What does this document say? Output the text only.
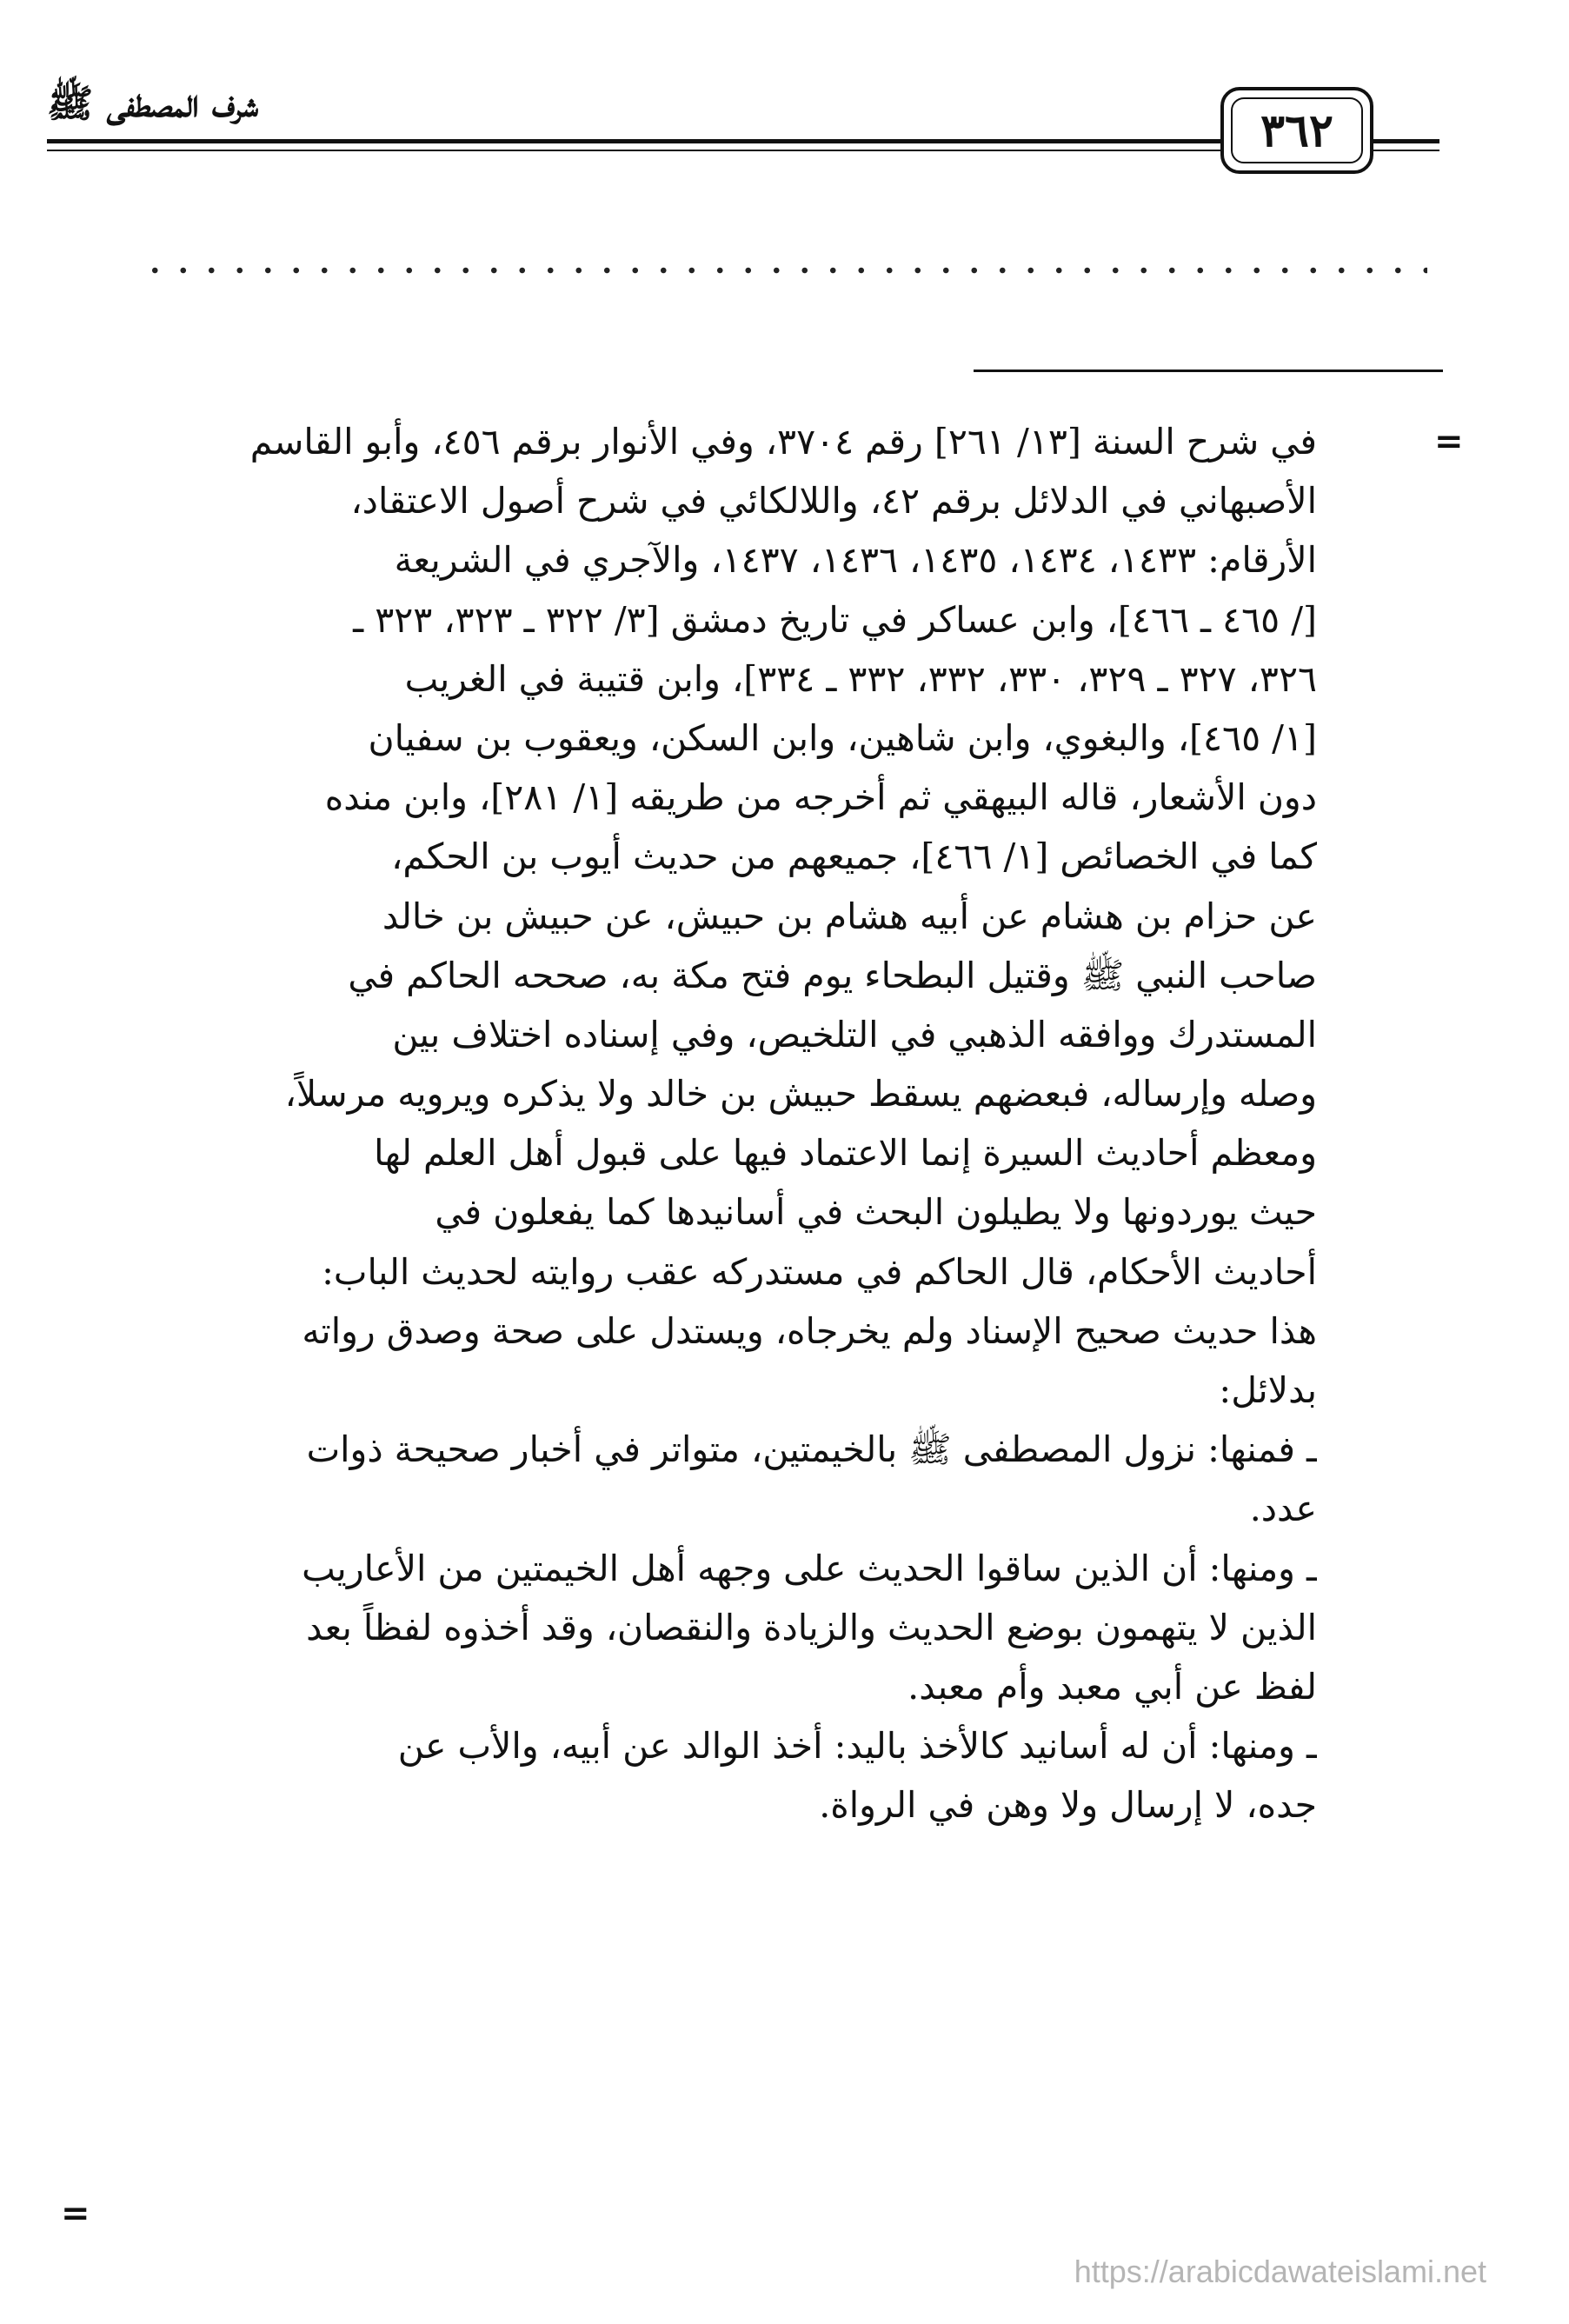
شرف المصطفى ﷺ	٣٦٢
=
=
في شرح السنة [١٣/ ٢٦١] رقم ٣٧٠٤، وفي الأنوار برقم ٤٥٦، وأبو القاسم
الأصبهاني في الدلائل برقم ٤٢، واللالكائي في شرح أصول الاعتقاد،
الأرقام: ١٤٣٣، ١٤٣٤، ١٤٣٥، ١٤٣٦، ١٤٣٧، والآجري في الشريعة
[/ ٤٦٥ ـ ٤٦٦]، وابن عساكر في تاريخ دمشق [٣/ ٣٢٢ ـ ٣٢٣، ٣٢٣ ـ
٣٢٦، ٣٢٧ ـ ٣٢٩، ٣٣٠، ٣٣٢، ٣٣٢ ـ ٣٣٤]، وابن قتيبة في الغريب
[١/ ٤٦٥]، والبغوي، وابن شاهين، وابن السكن، ويعقوب بن سفيان
دون الأشعار، قاله البيهقي ثم أخرجه من طريقه [١/ ٢٨١]، وابن منده
كما في الخصائص [١/ ٤٦٦]، جميعهم من حديث أيوب بن الحكم،
عن حزام بن هشام عن أبيه هشام بن حبيش، عن حبيش بن خالد
صاحب النبي ﷺ وقتيل البطحاء يوم فتح مكة به، صححه الحاكم في
المستدرك ووافقه الذهبي في التلخيص، وفي إسناده اختلاف بين
وصله وإرساله، فبعضهم يسقط حبيش بن خالد ولا يذكره ويرويه مرسلاً،
ومعظم أحاديث السيرة إنما الاعتماد فيها على قبول أهل العلم لها
حيث يوردونها ولا يطيلون البحث في أسانيدها كما يفعلون في
أحاديث الأحكام، قال الحاكم في مستدركه عقب روايته لحديث الباب:
هذا حديث صحيح الإسناد ولم يخرجاه، ويستدل على صحة وصدق رواته
بدلائل:
ـ فمنها: نزول المصطفى ﷺ بالخيمتين، متواتر في أخبار صحيحة ذوات
عدد.
ـ ومنها: أن الذين ساقوا الحديث على وجهه أهل الخيمتين من الأعاريب
الذين لا يتهمون بوضع الحديث والزيادة والنقصان، وقد أخذوه لفظاً بعد
لفظ عن أبي معبد وأم معبد.
ـ ومنها: أن له أسانيد كالأخذ باليد: أخذ الوالد عن أبيه، والأب عن
جده، لا إرسال ولا وهن في الرواة.
https://arabicdawateislami.net
